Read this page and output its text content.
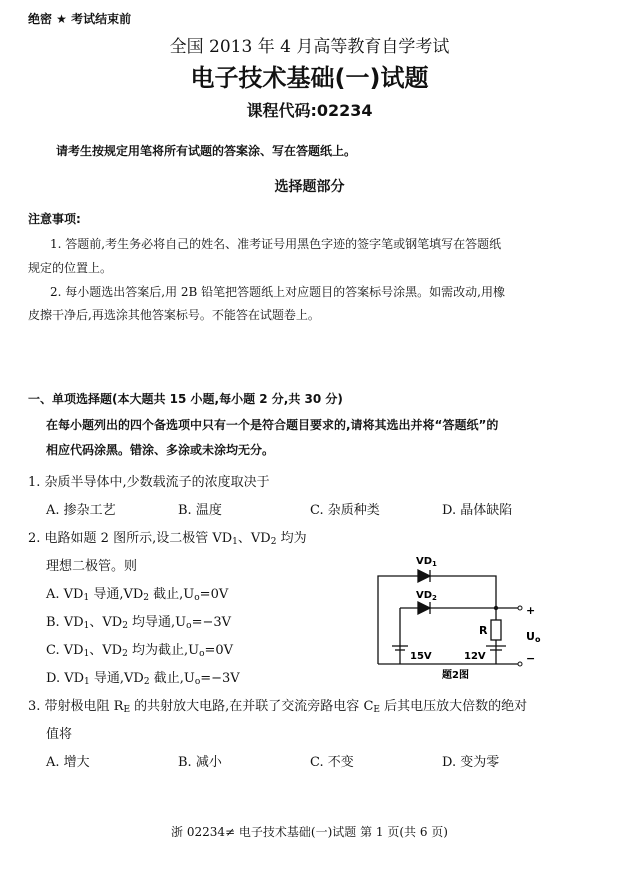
绝密 ★ 考试结束前
全国 2013 年 4 月高等教育自学考试
电子技术基础(一)试题
课程代码:02234
请考生按规定用笔将所有试题的答案涂、写在答题纸上。
选择题部分
注意事项:
1. 答题前,考生务必将自己的姓名、准考证号用黑色字迹的签字笔或钢笔填写在答题纸
规定的位置上。
2. 每小题选出答案后,用 2B 铅笔把答题纸上对应题目的答案标号涂黑。如需改动,用橡
皮擦干净后,再选涂其他答案标号。不能答在试题卷上。
一、单项选择题(本大题共 15 小题,每小题 2 分,共 30 分)
在每小题列出的四个备选项中只有一个是符合题目要求的,请将其选出并将“答题纸”的
相应代码涂黑。错涂、多涂或未涂均无分。
1. 杂质半导体中,少数载流子的浓度取决于
A. 掺杂工艺	B. 温度	C. 杂质种类	D. 晶体缺陷
2. 电路如题 2 图所示,设二极管 $VD_1$、$VD_2$ 均为
理想二极管。则
A. $VD_1$ 导通$,VD_2$ 截止$,U_o=0V$
B. $VD_1$、$VD_2$ 均导通$,U_o=-3V$
C. $VD_1$、$VD_2$ 均为截止$,U_o=0V$
D. $VD_1$ 导通$,VD_2$ 截止$,U_o=-3V$
$VD_1$
$VD_2$
R
+
Uo
−
15V	12V
题2图
3. 带射极电阻 $R_E$ 的共射放大电路,在并联了交流旁路电容 $C_E$ 后其电压放大倍数的绝对
值将
A. 增大	B. 减小	C. 不变	D. 变为零
浙 02234≠ 电子技术基础(一)试题 第 1 页(共 6 页)
